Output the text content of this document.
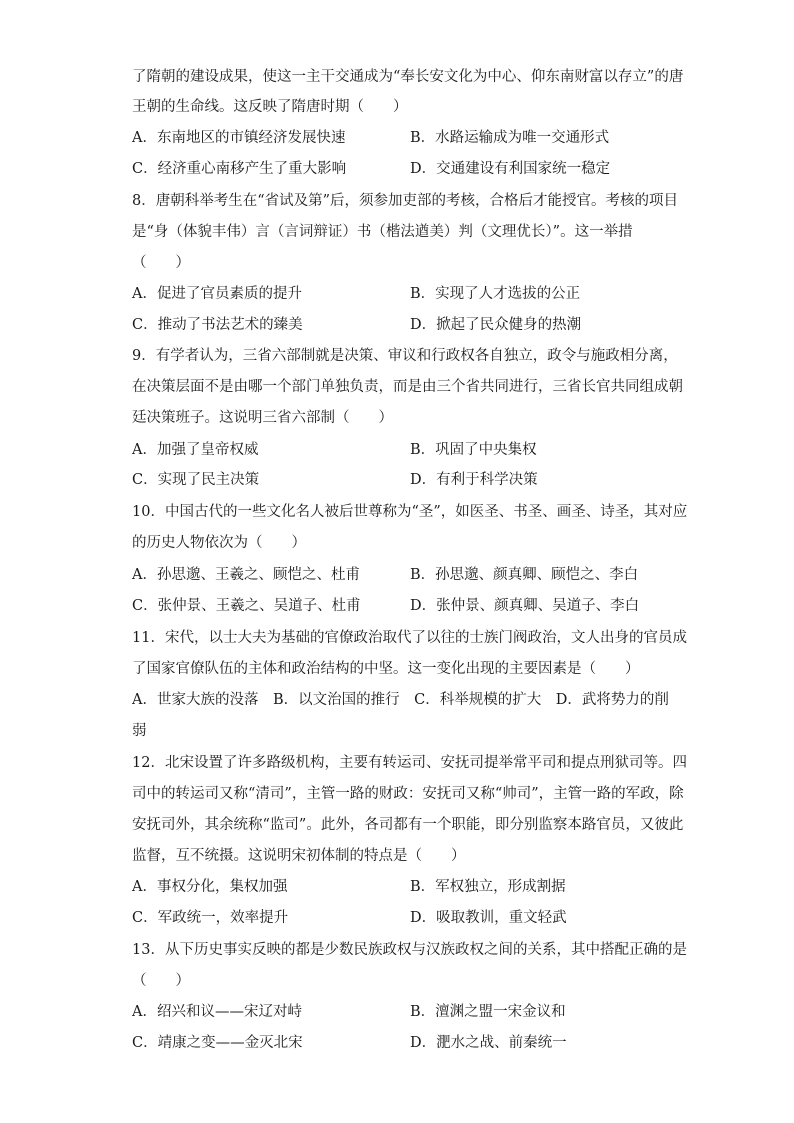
了隋朝的建设成果，使这一主干交通成为“奉长安文化为中心、仰东南财富以存立”的唐
王朝的生命线。这反映了隋唐时期（　　）
A．东南地区的市镇经济发展快速	B．水路运输成为唯一交通形式
C．经济重心南移产生了重大影响	D．交通建设有利国家统一稳定
8．唐朝科举考生在“省试及第”后，须参加吏部的考核，合格后才能授官。考核的项目
是“身（体貌丰伟）言（言词辩证）书（楷法遒美）判（文理优长）”。这一举措
（　　）
A．促进了官员素质的提升	B．实现了人才选拔的公正
C．推动了书法艺术的臻美	D．掀起了民众健身的热潮
9．有学者认为，三省六部制就是决策、审议和行政权各自独立，政令与施政相分离，
在决策层面不是由哪一个部门单独负责，而是由三个省共同进行，三省长官共同组成朝
廷决策班子。这说明三省六部制（　　）
A．加强了皇帝权威	B．巩固了中央集权
C．实现了民主决策	D．有利于科学决策
10．中国古代的一些文化名人被后世尊称为“圣”，如医圣、书圣、画圣、诗圣，其对应
的历史人物依次为（　　）
A．孙思邈、王羲之、顾恺之、杜甫	B．孙思邈、颜真卿、顾恺之、李白
C．张仲景、王羲之、吴道子、杜甫	D．张仲景、颜真卿、吴道子、李白
11．宋代，以士大夫为基础的官僚政治取代了以往的士族门阀政治，文人出身的官员成
了国家官僚队伍的主体和政治结构的中坚。这一变化出现的主要因素是（　　）
A．世家大族的没落　B．以文治国的推行　C．科举规模的扩大　D．武将势力的削
弱
12．北宋设置了许多路级机构，主要有转运司、安抚司提举常平司和提点刑狱司等。四
司中的转运司又称“清司”，主管一路的财政：安抚司又称“帅司”，主管一路的军政，除
安抚司外，其余统称“监司”。此外，各司都有一个职能，即分别监察本路官员，又彼此
监督，互不统摄。这说明宋初体制的特点是（　　）
A．事权分化，集权加强	B．军权独立，形成割据
C．军政统一，效率提升	D．吸取教训，重文轻武
13．从下历史事实反映的都是少数民族政权与汉族政权之间的关系，其中搭配正确的是
（　　）
A．绍兴和议——宋辽对峙	B．澶渊之盟一宋金议和
C．靖康之变——金灭北宋	D．淝水之战、前秦统一
